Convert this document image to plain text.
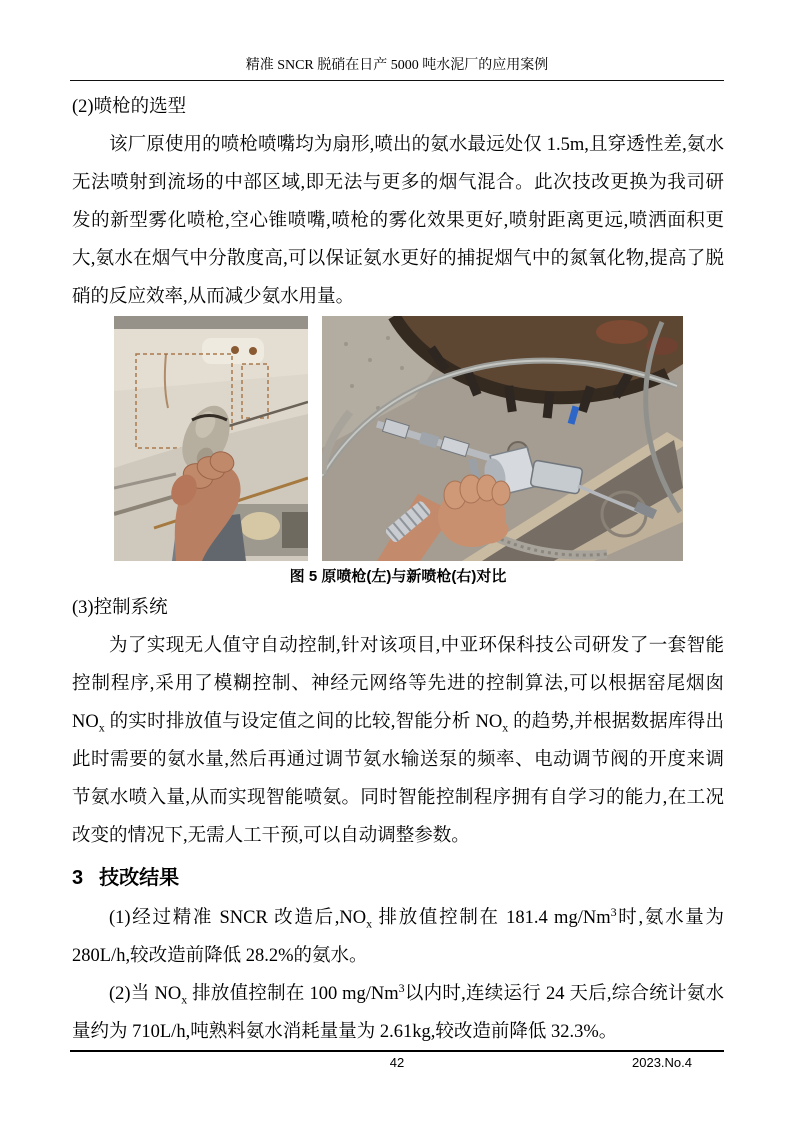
精准 SNCR 脱硝在日产 5000 吨水泥厂的应用案例

(2)喷枪的选型

该厂原使用的喷枪喷嘴均为扇形,喷出的氨水最远处仅 1.5m,且穿透性差,氨水无法喷射到流场的中部区域,即无法与更多的烟气混合。此次技改更换为我司研发的新型雾化喷枪,空心锥喷嘴,喷枪的雾化效果更好,喷射距离更远,喷洒面积更大,氨水在烟气中分散度高,可以保证氨水更好的捕捉烟气中的氮氧化物,提高了脱硝的反应效率,从而减少氨水用量。

图 5 原喷枪(左)与新喷枪(右)对比

(3)控制系统

为了实现无人值守自动控制,针对该项目,中亚环保科技公司研发了一套智能控制程序,采用了模糊控制、神经元网络等先进的控制算法,可以根据窑尾烟囱 $NO_x$ 的实时排放值与设定值之间的比较,智能分析 $NO_x$ 的趋势,并根据数据库得出此时需要的氨水量,然后再通过调节氨水输送泵的频率、电动调节阀的开度来调节氨水喷入量,从而实现智能喷氨。同时智能控制程序拥有自学习的能力,在工况改变的情况下,无需人工干预,可以自动调整参数。

3 技改结果

(1)经过精准 SNCR 改造后$,NO_x$ 排放值控制在 181.4 mg/Nm$^3$时,氨水量为 280L/h,较改造前降低 28.2%的氨水。

(2)当 $NO_x$ 排放值控制在 100 mg/Nm$^3$以内时,连续运行 24 天后,综合统计氨水量约为 710L/h,吨熟料氨水消耗量量为 2.61kg,较改造前降低 32.3%。

42	2023.No.4
